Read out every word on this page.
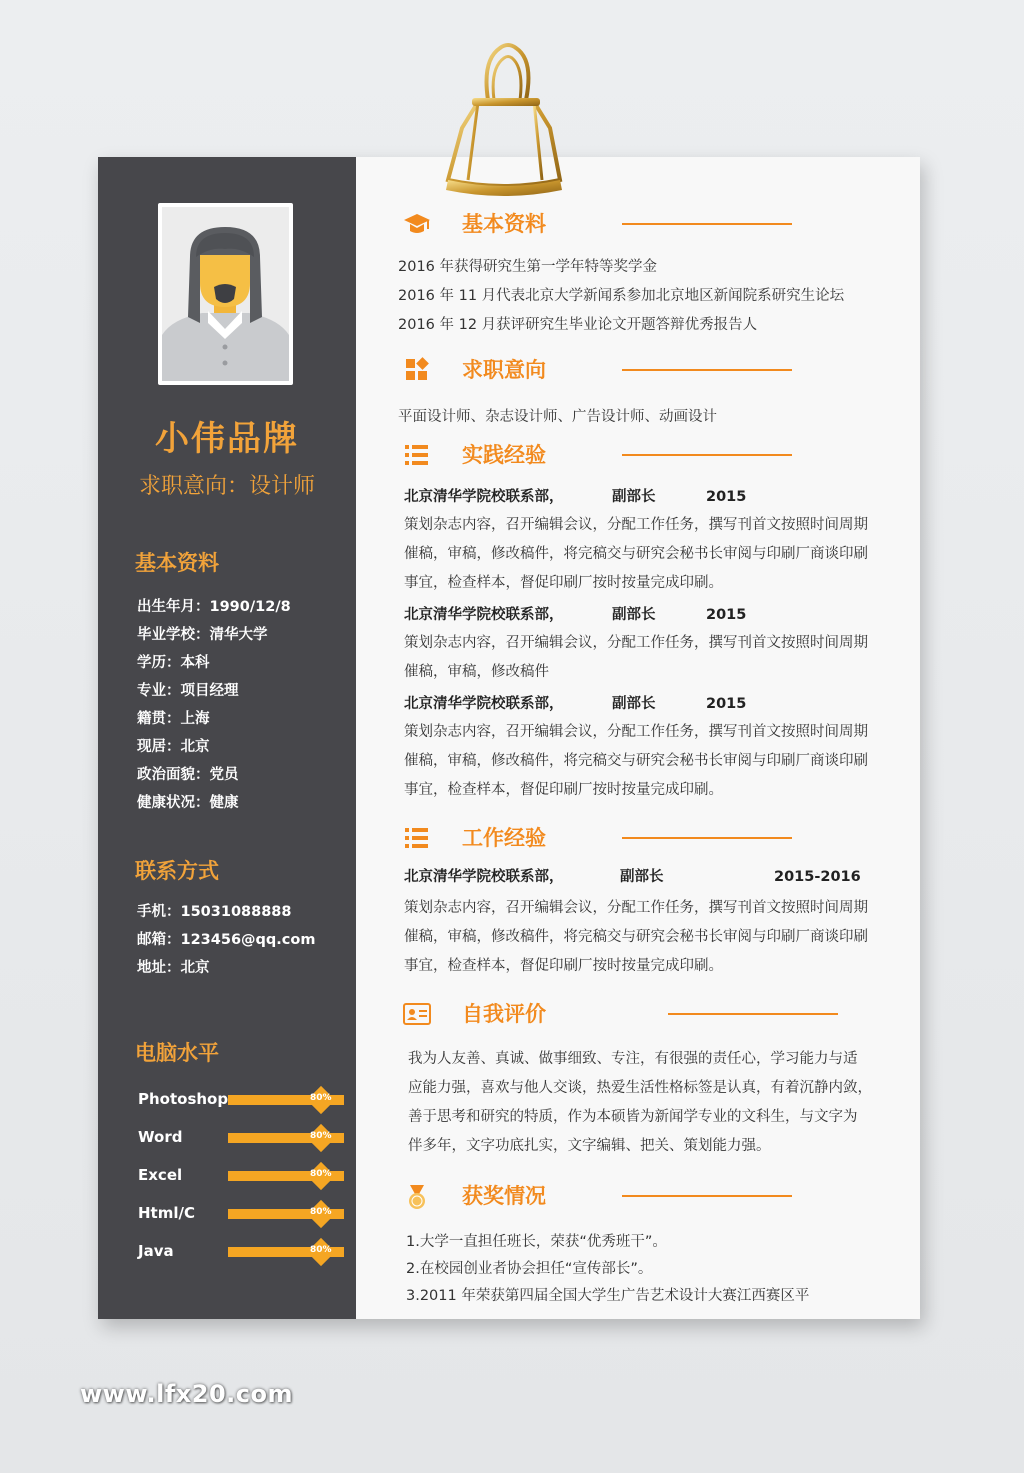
小伟品牌
求职意向：设计师
基本资料
出生年月：1990/12/8
毕业学校：清华大学
学历：本科
专业：项目经理
籍贯：上海
现居：北京
政治面貌：党员
健康状况：健康
联系方式
手机：15031088888
邮箱：123456@qq.com
地址：北京
电脑水平
Photoshop	80%
Word	80%
Excel	80%
Html/C	80%
Java	80%
基本资料

2016 年获得研究生第一学年特等奖学金

2016 年 11 月代表北京大学新闻系参加北京地区新闻院系研究生论坛

2016 年 12 月获评研究生毕业论文开题答辩优秀报告人

求职意向

平面设计师、杂志设计师、广告设计师、动画设计

实践经验
北京清华学院校联系部，	副部长	2015

策划杂志内容，召开编辑会议，分配工作任务，撰写刊首文按照时间周期

催稿，审稿，修改稿件，将完稿交与研究会秘书长审阅与印刷厂商谈印刷

事宜，检查样本，督促印刷厂按时按量完成印刷。

北京清华学院校联系部，	副部长	2015

策划杂志内容，召开编辑会议，分配工作任务，撰写刊首文按照时间周期

催稿，审稿，修改稿件

北京清华学院校联系部，	副部长	2015

策划杂志内容，召开编辑会议，分配工作任务，撰写刊首文按照时间周期

催稿，审稿，修改稿件，将完稿交与研究会秘书长审阅与印刷厂商谈印刷

事宜，检查样本，督促印刷厂按时按量完成印刷。

工作经验
北京清华学院校联系部，	副部长	2015-2016

策划杂志内容，召开编辑会议，分配工作任务，撰写刊首文按照时间周期

催稿，审稿，修改稿件，将完稿交与研究会秘书长审阅与印刷厂商谈印刷

事宜，检查样本，督促印刷厂按时按量完成印刷。

自我评价

我为人友善、真诚、做事细致、专注，有很强的责任心，学习能力与适

应能力强，喜欢与他人交谈，热爱生活性格标签是认真，有着沉静内敛，

善于思考和研究的特质，作为本硕皆为新闻学专业的文科生，与文字为

伴多年，文字功底扎实，文字编辑、把关、策划能力强。

获奖情况

1.大学一直担任班长，荣获“优秀班干”。

2.在校园创业者协会担任“宣传部长”。

3.2011 年荣获第四届全国大学生广告艺术设计大赛江西赛区平

www.lfx20.com
